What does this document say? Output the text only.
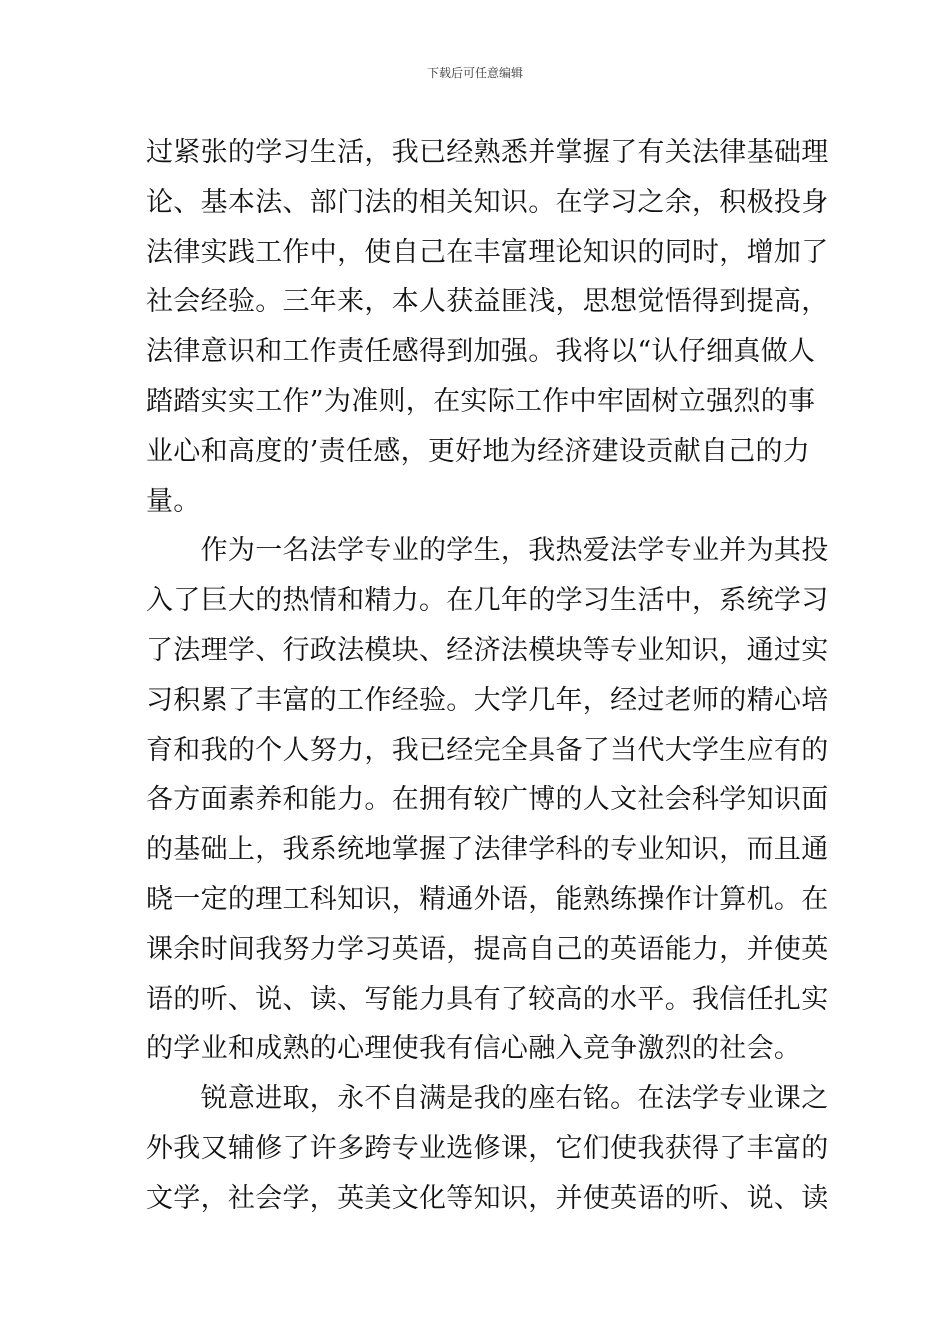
下载后可任意编辑
过紧张的学习生活，我已经熟悉并掌握了有关法律基础理
论、基本法、部门法的相关知识。在学习之余，积极投身
法律实践工作中，使自己在丰富理论知识的同时，增加了
社会经验。三年来，本人获益匪浅，思想觉悟得到提高，
法律意识和工作责任感得到加强。我将以“认仔细真做人
踏踏实实工作”为准则，在实际工作中牢固树立强烈的事
业心和高度的’责任感，更好地为经济建设贡献自己的力
量。
　　作为一名法学专业的学生，我热爱法学专业并为其投
入了巨大的热情和精力。在几年的学习生活中，系统学习
了法理学、行政法模块、经济法模块等专业知识，通过实
习积累了丰富的工作经验。大学几年，经过老师的精心培
育和我的个人努力，我已经完全具备了当代大学生应有的
各方面素养和能力。在拥有较广博的人文社会科学知识面
的基础上，我系统地掌握了法律学科的专业知识，而且通
晓一定的理工科知识，精通外语，能熟练操作计算机。在
课余时间我努力学习英语，提高自己的英语能力，并使英
语的听、说、读、写能力具有了较高的水平。我信任扎实
的学业和成熟的心理使我有信心融入竞争激烈的社会。
　　锐意进取，永不自满是我的座右铭。在法学专业课之
外我又辅修了许多跨专业选修课，它们使我获得了丰富的
文学，社会学，英美文化等知识，并使英语的听、说、读
